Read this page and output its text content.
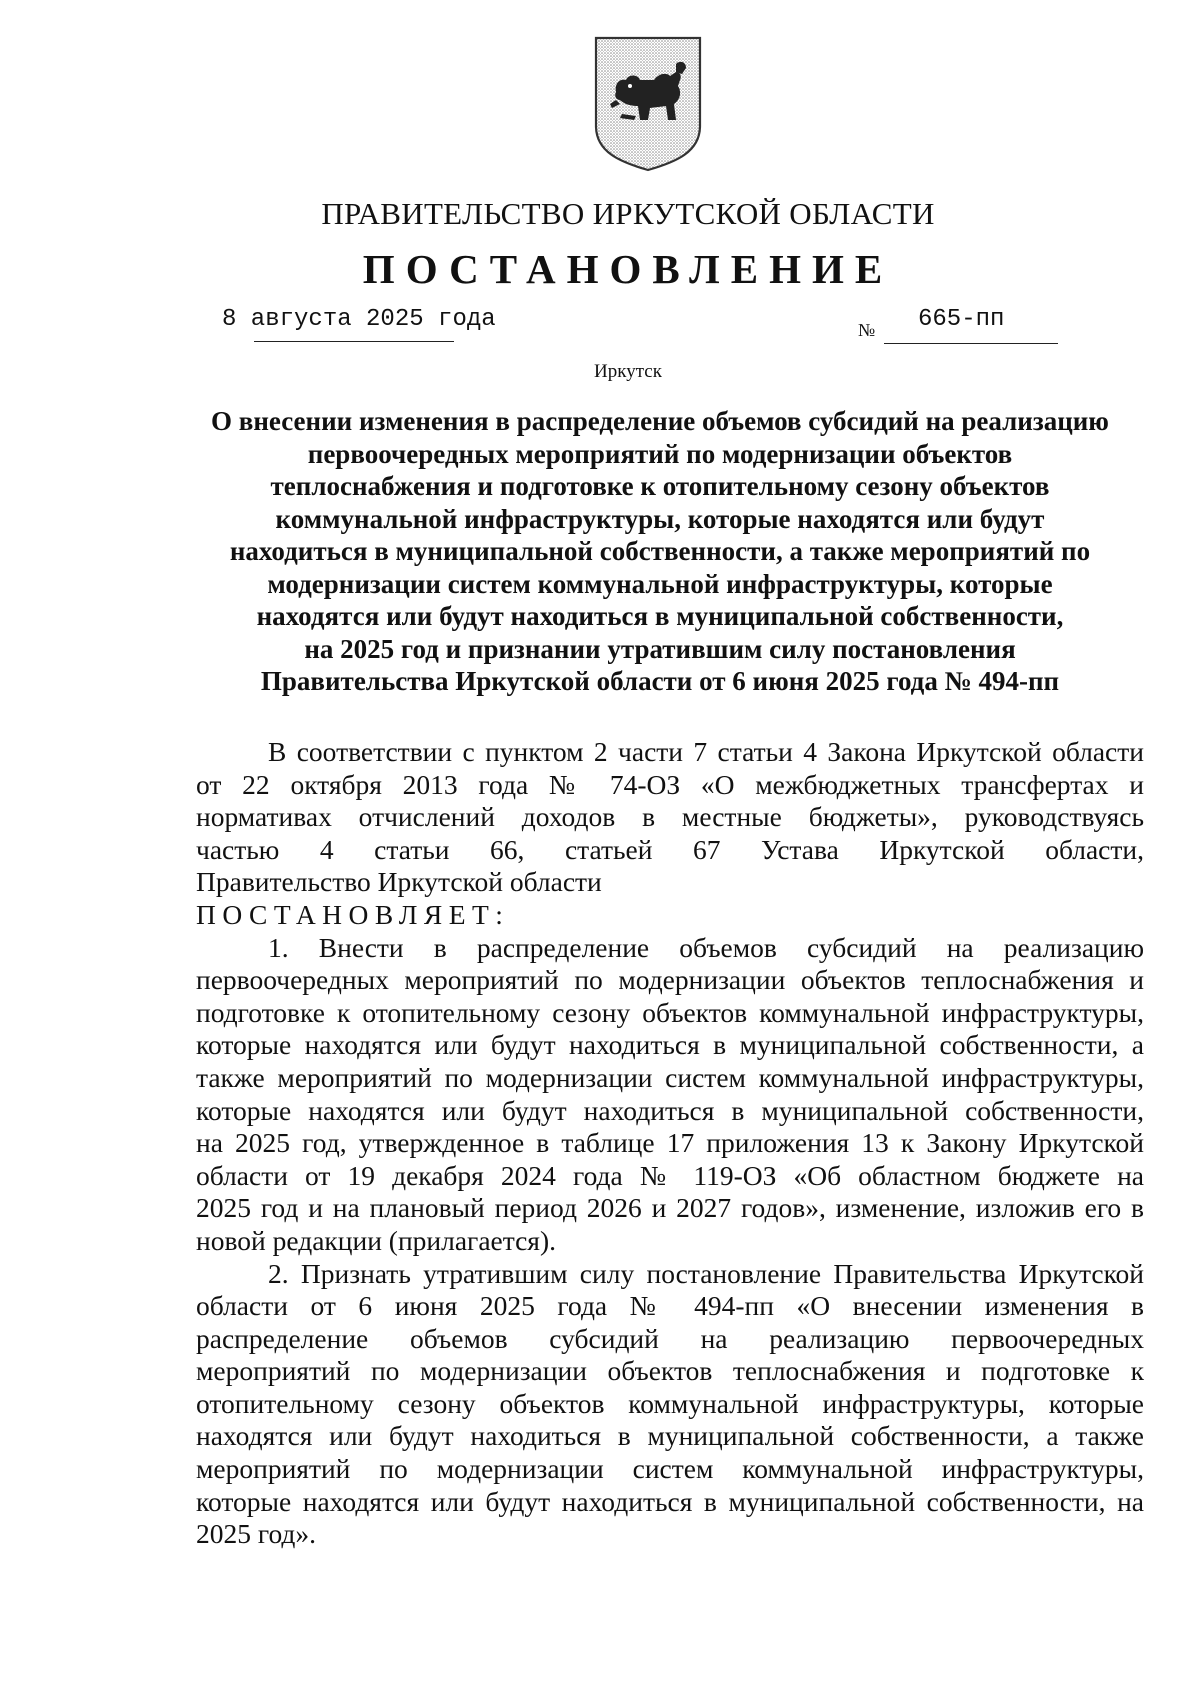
ПРАВИТЕЛЬСТВО ИРКУТСКОЙ ОБЛАСТИ
ПОСТАНОВЛЕНИЕ
8 августа 2025 года	№ 665-пп
Иркутск
О внесении изменения в распределение объемов субсидий на реализацию
первоочередных мероприятий по модернизации объектов
теплоснабжения и подготовке к отопительному сезону объектов
коммунальной инфраструктуры, которые находятся или будут
находиться в муниципальной собственности, а также мероприятий по
модернизации систем коммунальной инфраструктуры, которые
находятся или будут находиться в муниципальной собственности,
на 2025 год и признании утратившим силу постановления
Правительства Иркутской области от 6 июня 2025 года № 494-пп
В соответствии с пунктом 2 части 7 статьи 4 Закона Иркутской области
от 22 октября 2013 года № 74-ОЗ «О межбюджетных трансфертах и
нормативах отчислений доходов в местные бюджеты», руководствуясь
частью 4 статьи 66, статьей 67 Устава Иркутской области,
Правительство Иркутской области
ПОСТАНОВЛЯЕТ:
1. Внести в распределение объемов субсидий на реализацию
первоочередных мероприятий по модернизации объектов теплоснабжения и
подготовке к отопительному сезону объектов коммунальной инфраструктуры,
которые находятся или будут находиться в муниципальной собственности, а
также мероприятий по модернизации систем коммунальной инфраструктуры,
которые находятся или будут находиться в муниципальной собственности,
на 2025 год, утвержденное в таблице 17 приложения 13 к Закону Иркутской
области от 19 декабря 2024 года № 119-ОЗ «Об областном бюджете на
2025 год и на плановый период 2026 и 2027 годов», изменение, изложив его в
новой редакции (прилагается).
2. Признать утратившим силу постановление Правительства Иркутской
области от 6 июня 2025 года № 494-пп «О внесении изменения в
распределение объемов субсидий на реализацию первоочередных
мероприятий по модернизации объектов теплоснабжения и подготовке к
отопительному сезону объектов коммунальной инфраструктуры, которые
находятся или будут находиться в муниципальной собственности, а также
мероприятий по модернизации систем коммунальной инфраструктуры,
которые находятся или будут находиться в муниципальной собственности, на
2025 год».
